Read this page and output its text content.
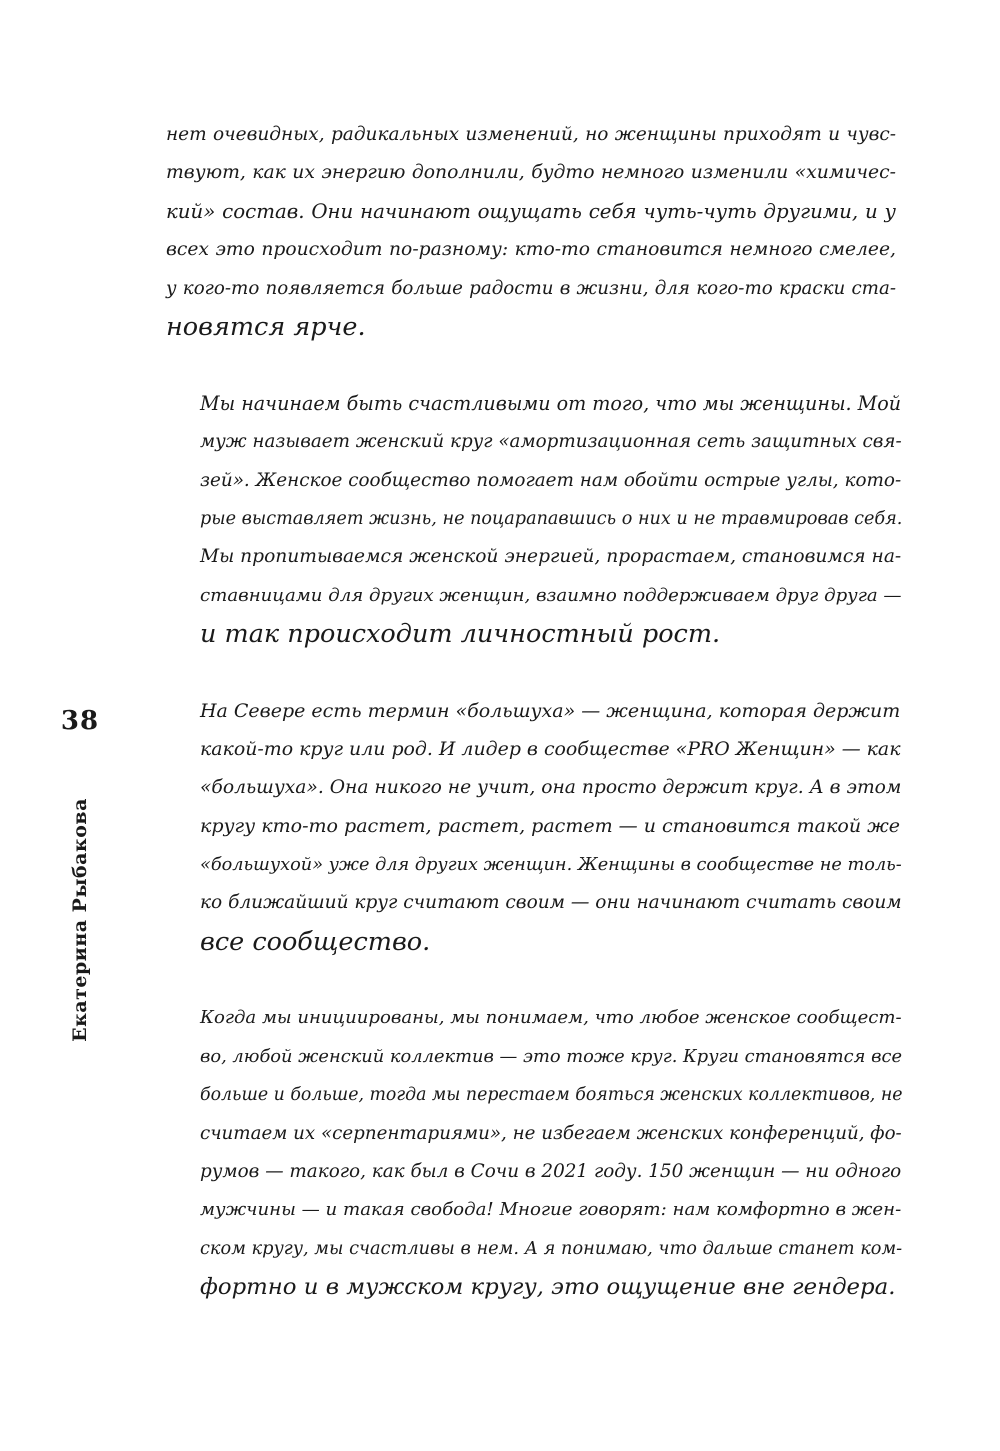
38
Екатерина Рыбакова
нет очевидных, радикальных изменений, но женщины приходят и чувс-
твуют, как их энергию дополнили, будто немного изменили «химичес-
кий» состав. Они начинают ощущать себя чуть-чуть другими, и у
всех это происходит по-разному: кто-то становится немного смелее,
у кого-то появляется больше радости в жизни, для кого-то краски ста-
новятся ярче.
Мы начинаем быть счастливыми от того, что мы женщины. Мой
муж называет женский круг «амортизационная сеть защитных свя-
зей». Женское сообщество помогает нам обойти острые углы, кото-
рые выставляет жизнь, не поцарапавшись о них и не травмировав себя.
Мы пропитываемся женской энергией, прорастаем, становимся на-
ставницами для других женщин, взаимно поддерживаем друг друга —
и так происходит личностный рост.
На Севере есть термин «большуха» — женщина, которая держит
какой-то круг или род. И лидер в сообществе «PRO Женщин» — как
«большуха». Она никого не учит, она просто держит круг. А в этом
кругу кто-то растет, растет, растет — и становится такой же
«большухой» уже для других женщин. Женщины в сообществе не толь-
ко ближайший круг считают своим — они начинают считать своим
все сообщество.
Когда мы инициированы, мы понимаем, что любое женское сообщест-
во, любой женский коллектив — это тоже круг. Круги становятся все
больше и больше, тогда мы перестаем бояться женских коллективов, не
считаем их «серпентариями», не избегаем женских конференций, фо-
румов — такого, как был в Сочи в 2021 году. 150 женщин — ни одного
мужчины — и такая свобода! Многие говорят: нам комфортно в жен-
ском кругу, мы счастливы в нем. А я понимаю, что дальше станет ком-
фортно и в мужском кругу, это ощущение вне гендера.
